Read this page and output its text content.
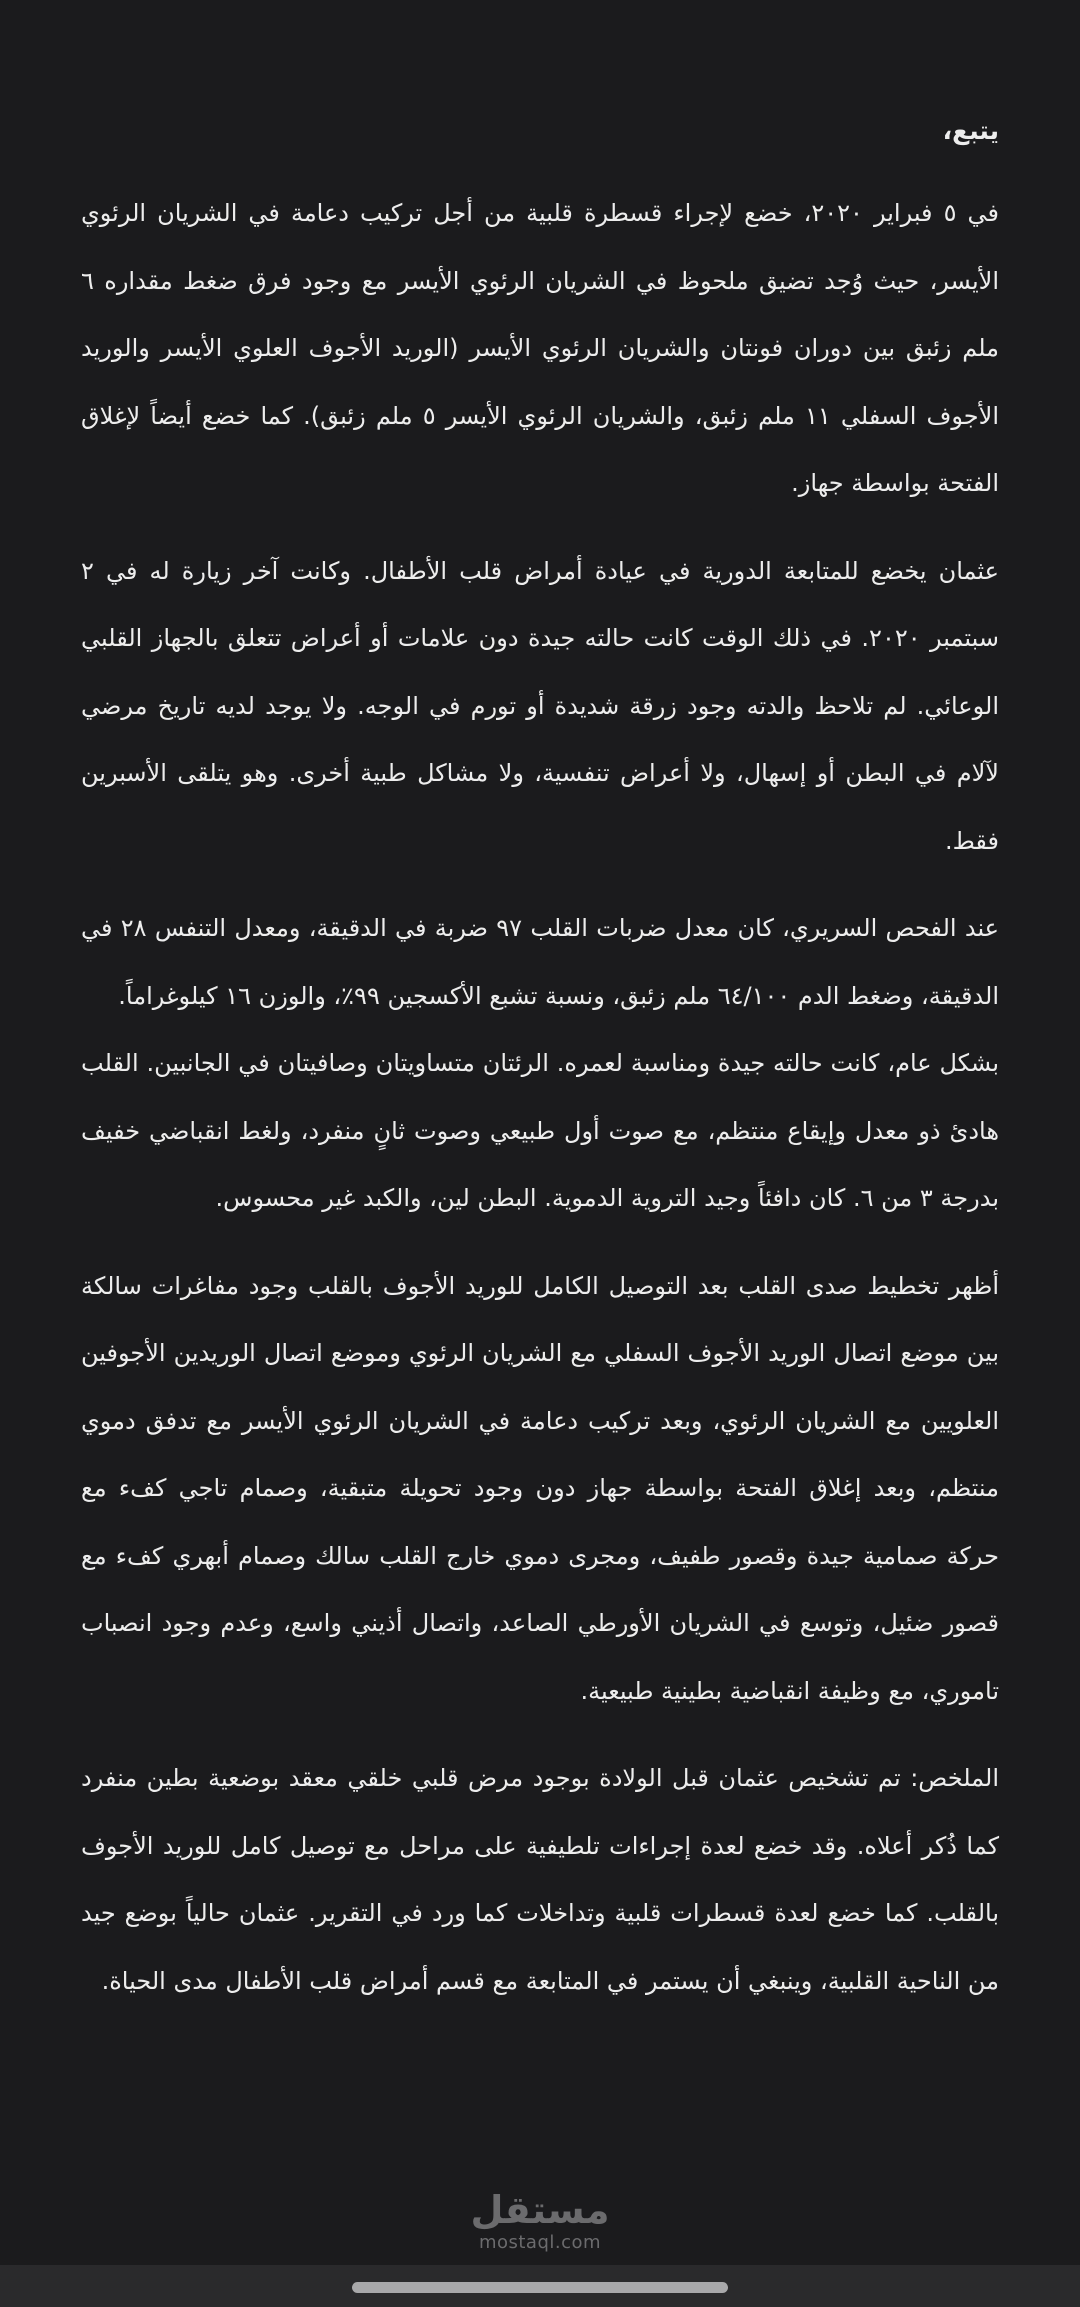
يتبع،

في ٥ فبراير ٢٠٢٠، خضع لإجراء قسطرة قلبية من أجل تركيب دعامة في الشريان الرئوي الأيسر، حيث وُجد تضيق ملحوظ في الشريان الرئوي الأيسر مع وجود فرق ضغط مقداره ٦ ملم زئبق بين دوران فونتان والشريان الرئوي الأيسر (الوريد الأجوف العلوي الأيسر والوريد الأجوف السفلي ١١ ملم زئبق، والشريان الرئوي الأيسر ٥ ملم زئبق). كما خضع أيضاً لإغلاق الفتحة بواسطة جهاز.

عثمان يخضع للمتابعة الدورية في عيادة أمراض قلب الأطفال. وكانت آخر زيارة له في ٢ سبتمبر ٢٠٢٠. في ذلك الوقت كانت حالته جيدة دون علامات أو أعراض تتعلق بالجهاز القلبي الوعائي. لم تلاحظ والدته وجود زرقة شديدة أو تورم في الوجه. ولا يوجد لديه تاريخ مرضي لآلام في البطن أو إسهال، ولا أعراض تنفسية، ولا مشاكل طبية أخرى. وهو يتلقى الأسبرين فقط.

عند الفحص السريري، كان معدل ضربات القلب ٩٧ ضربة في الدقيقة، ومعدل التنفس ٢٨ في الدقيقة، وضغط الدم ٦٤/١٠٠ ملم زئبق، ونسبة تشبع الأكسجين ٩٩٪، والوزن ١٦ كيلوغراماً.

بشكل عام، كانت حالته جيدة ومناسبة لعمره. الرئتان متساويتان وصافيتان في الجانبين. القلب هادئ ذو معدل وإيقاع منتظم، مع صوت أول طبيعي وصوت ثانٍ منفرد، ولغط انقباضي خفيف بدرجة ٣ من ٦. كان دافئاً وجيد التروية الدموية. البطن لين، والكبد غير محسوس.

أظهر تخطيط صدى القلب بعد التوصيل الكامل للوريد الأجوف بالقلب وجود مفاغرات سالكة بين موضع اتصال الوريد الأجوف السفلي مع الشريان الرئوي وموضع اتصال الوريدين الأجوفين العلويين مع الشريان الرئوي، وبعد تركيب دعامة في الشريان الرئوي الأيسر مع تدفق دموي منتظم، وبعد إغلاق الفتحة بواسطة جهاز دون وجود تحويلة متبقية، وصمام تاجي كفء مع حركة صمامية جيدة وقصور طفيف، ومجرى دموي خارج القلب سالك وصمام أبهري كفء مع قصور ضئيل، وتوسع في الشريان الأورطي الصاعد، واتصال أذيني واسع، وعدم وجود انصباب تاموري، مع وظيفة انقباضية بطينية طبيعية.

الملخص: تم تشخيص عثمان قبل الولادة بوجود مرض قلبي خلقي معقد بوضعية بطين منفرد كما ذُكر أعلاه. وقد خضع لعدة إجراءات تلطيفية على مراحل مع توصيل كامل للوريد الأجوف بالقلب. كما خضع لعدة قسطرات قلبية وتداخلات كما ورد في التقرير. عثمان حالياً بوضع جيد من الناحية القلبية، وينبغي أن يستمر في المتابعة مع قسم أمراض قلب الأطفال مدى الحياة.

مستقل
mostaql.com
